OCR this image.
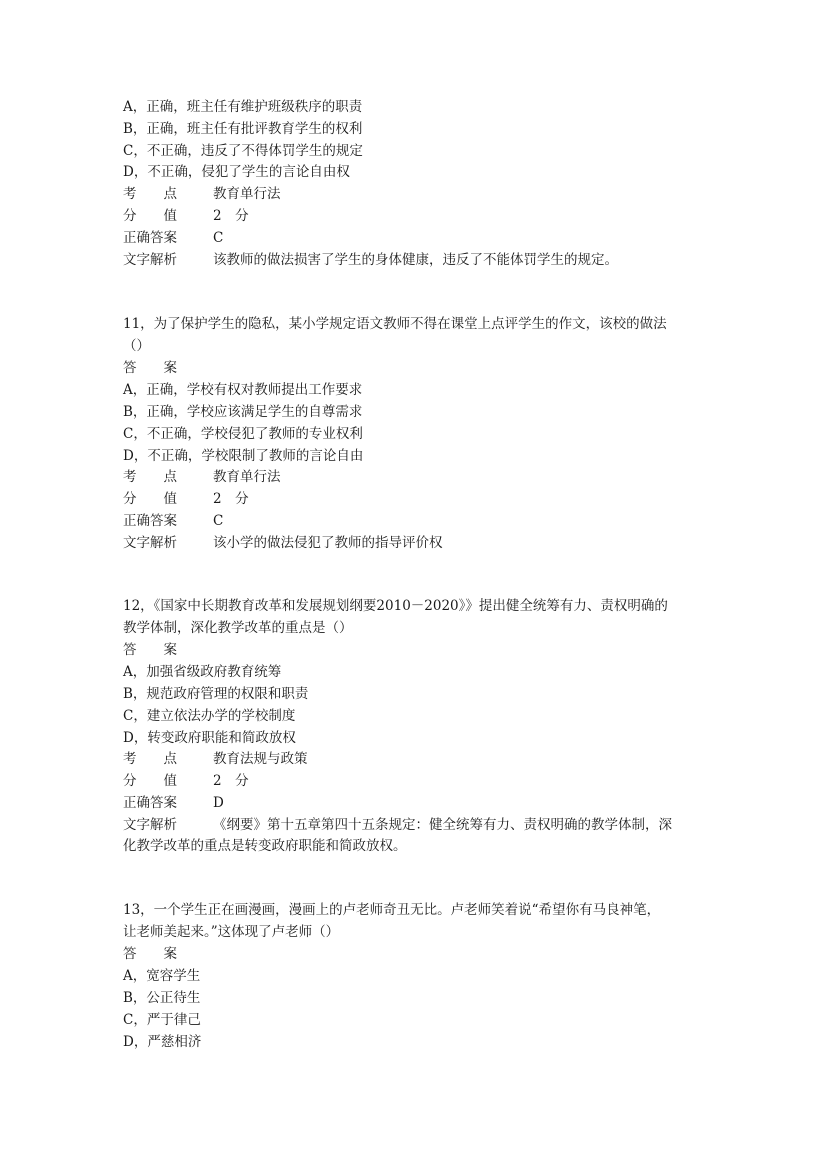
A，正确，班主任有维护班级秩序的职责
B，正确，班主任有批评教育学生的权利
C，不正确，违反了不得体罚学生的规定
D，不正确，侵犯了学生的言论自由权
考　　点	教育单行法
分　　值	2　分
正确答案	C
文字解析	该教师的做法损害了学生的身体健康，违反了不能体罚学生的规定。
11，为了保护学生的隐私，某小学规定语文教师不得在课堂上点评学生的作文，该校的做法
（）
答　　案
A，正确，学校有权对教师提出工作要求
B，正确，学校应该满足学生的自尊需求
C，不正确，学校侵犯了教师的专业权利
D，不正确，学校限制了教师的言论自由
考　　点	教育单行法
分　　值	2　分
正确答案	C
文字解析	该小学的做法侵犯了教师的指导评价权
12，《国家中长期教育改革和发展规划纲要2010－2020》》提出健全统筹有力、责权明确的
教学体制，深化教学改革的重点是（）
答　　案
A，加强省级政府教育统筹
B，规范政府管理的权限和职责
C，建立依法办学的学校制度
D，转变政府职能和简政放权
考　　点	教育法规与政策
分　　值	2　分
正确答案	D
文字解析	《纲要》第十五章第四十五条规定：健全统筹有力、责权明确的教学体制，深
化教学改革的重点是转变政府职能和简政放权。
13，一个学生正在画漫画，漫画上的卢老师奇丑无比。卢老师笑着说“希望你有马良神笔，
让老师美起来。”这体现了卢老师（）
答　　案
A，宽容学生
B，公正待生
C，严于律己
D，严慈相济
